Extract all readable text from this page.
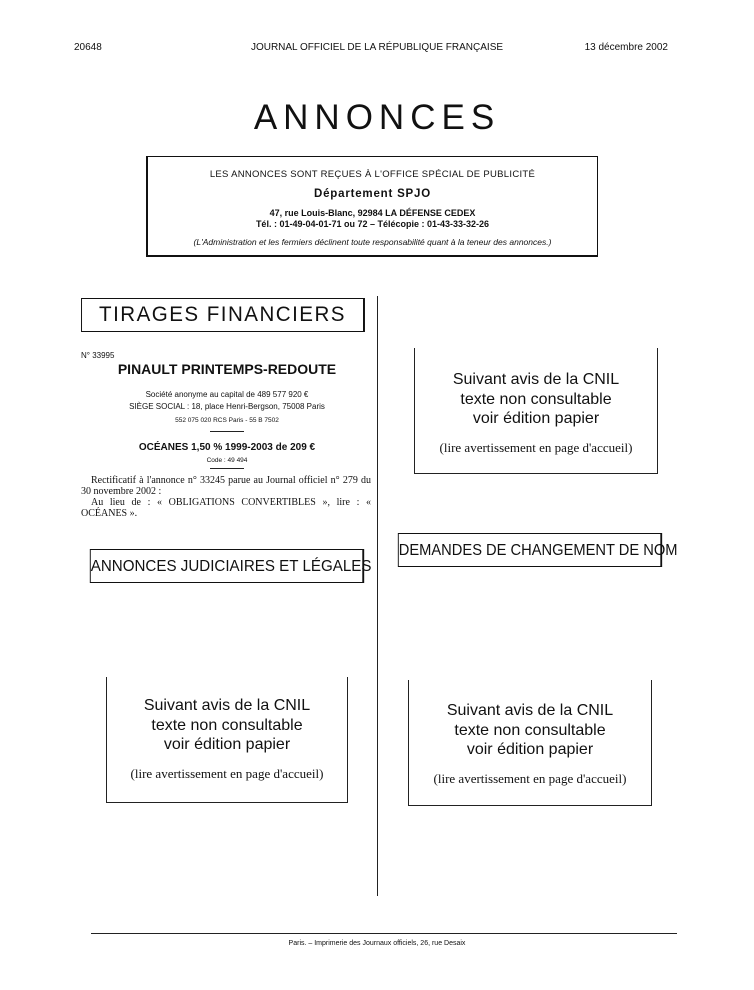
20648	JOURNAL OFFICIEL DE LA RÉPUBLIQUE FRANÇAISE	13 décembre 2002
ANNONCES
LES ANNONCES SONT REÇUES À L'OFFICE SPÉCIAL DE PUBLICITÉ
Département SPJO
47, rue Louis-Blanc, 92984 LA DÉFENSE CEDEX
Tél. : 01-49-04-01-71 ou 72 – Télécopie : 01-43-33-32-26
(L'Administration et les fermiers déclinent toute responsabilité quant à la teneur des annonces.)
TIRAGES FINANCIERS
N° 33995
PINAULT PRINTEMPS-REDOUTE
Société anonyme au capital de 489 577 920 €
SIÈGE SOCIAL : 18, place Henri-Bergson, 75008 Paris
552 075 020 RCS Paris - 55 B 7502
OCÉANES 1,50 % 1999-2003 de 209 €
Code : 49 494

Rectificatif à l'annonce n° 33245 parue au Journal officiel n° 279 du 30 novembre 2002 :

Au lieu de : « OBLIGATIONS CONVERTIBLES », lire : « OCÉANES ».

ANNONCES JUDICIAIRES ET LÉGALES
Suivant avis de la CNIL
texte non consultable
voir édition papier
(lire avertissement en page d'accueil)
Suivant avis de la CNIL
texte non consultable
voir édition papier
(lire avertissement en page d'accueil)
DEMANDES DE CHANGEMENT DE NOM
Suivant avis de la CNIL
texte non consultable
voir édition papier
(lire avertissement en page d'accueil)
Paris. – Imprimerie des Journaux officiels, 26, rue Desaix
